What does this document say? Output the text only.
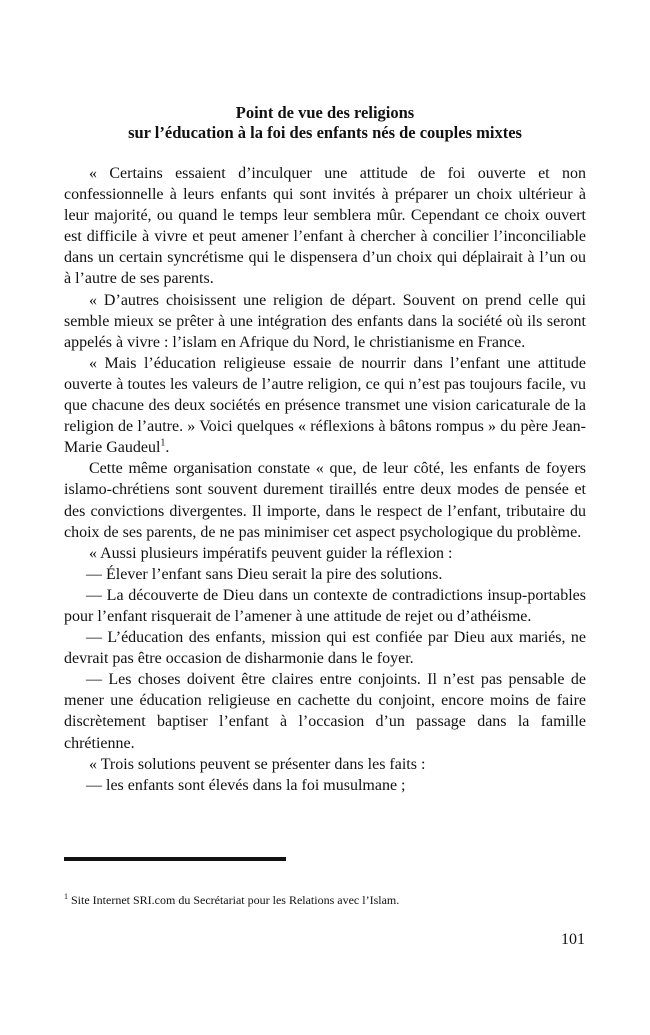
Point de vue des religions
sur l’éducation à la foi des enfants nés de couples mixtes

« Certains essaient d’inculquer une attitude de foi ouverte et non confessionnelle à leurs enfants qui sont invités à préparer un choix ultérieur à leur majorité, ou quand le temps leur semblera mûr. Cependant ce choix ouvert est difficile à vivre et peut amener l’enfant à chercher à concilier l’inconciliable dans un certain syncrétisme qui le dispensera d’un choix qui déplairait à l’un ou à l’autre de ses parents.

« D’autres choisissent une religion de départ. Souvent on prend celle qui semble mieux se prêter à une intégration des enfants dans la société où ils seront appelés à vivre : l’islam en Afrique du Nord, le christianisme en France.

« Mais l’éducation religieuse essaie de nourrir dans l’enfant une attitude ouverte à toutes les valeurs de l’autre religion, ce qui n’est pas toujours facile, vu que chacune des deux sociétés en présence transmet une vision caricaturale de la religion de l’autre. » Voici quelques « réflexions à bâtons rompus » du père Jean-Marie Gaudeul$^1$.

Cette même organisation constate « que, de leur côté, les enfants de foyers islamo-chrétiens sont souvent durement tiraillés entre deux modes de pensée et des convictions divergentes. Il importe, dans le respect de l’enfant, tributaire du choix de ses parents, de ne pas minimiser cet aspect psychologique du problème.

« Aussi plusieurs impératifs peuvent guider la réflexion :

— Élever l’enfant sans Dieu serait la pire des solutions.

— La découverte de Dieu dans un contexte de contradictions insup-portables pour l’enfant risquerait de l’amener à une attitude de rejet ou d’athéisme.

— L’éducation des enfants, mission qui est confiée par Dieu aux mariés, ne devrait pas être occasion de disharmonie dans le foyer.

— Les choses doivent être claires entre conjoints. Il n’est pas pensable de mener une éducation religieuse en cachette du conjoint, encore moins de faire discrètement baptiser l’enfant à l’occasion d’un passage dans la famille chrétienne.

« Trois solutions peuvent se présenter dans les faits :

— les enfants sont élevés dans la foi musulmane ;

$^1$ Site Internet SRI.com du Secrétariat pour les Relations avec l’Islam.
101
